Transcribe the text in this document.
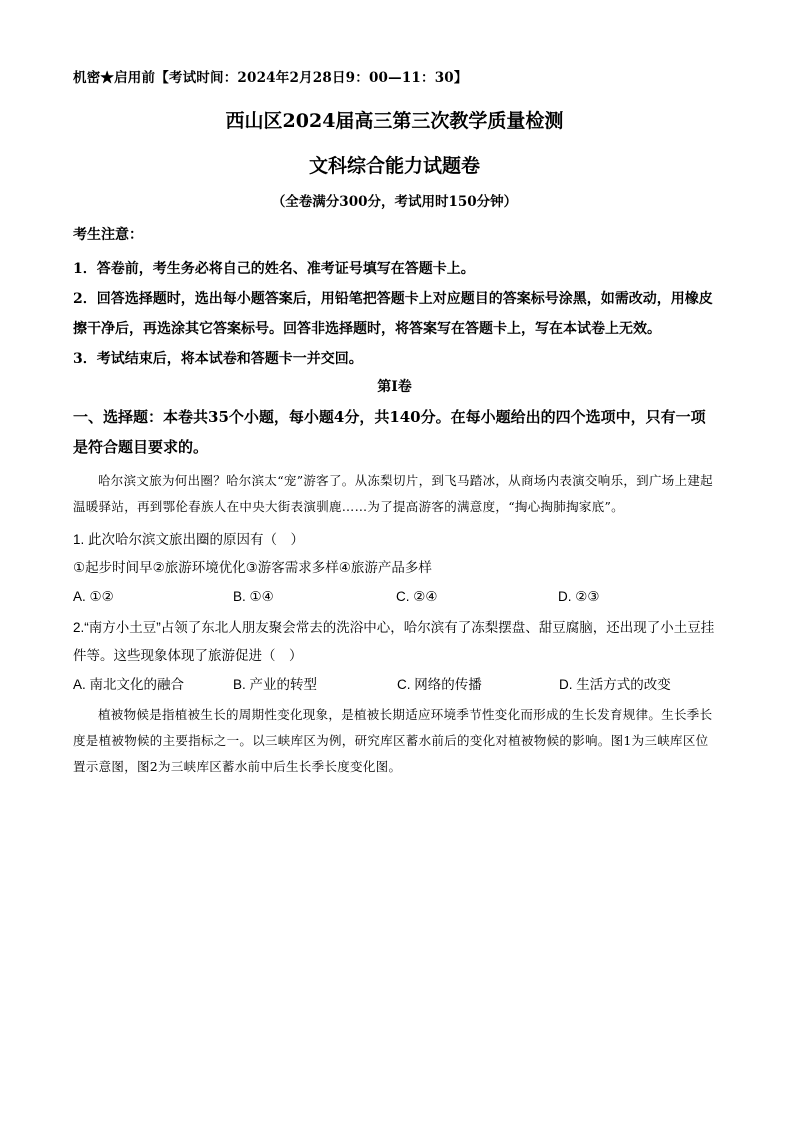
机密★启用前【考试时间：2024年2月28日9：00—11：30】

西山区2024届高三第三次教学质量检测

文科综合能力试题卷

（全卷满分300分，考试用时150分钟）

考生注意：

1．答卷前，考生务必将自己的姓名、准考证号填写在答题卡上。

2．回答选择题时，选出每小题答案后，用铅笔把答题卡上对应题目的答案标号涂黑，如需改动，用橡皮擦干净后，再选涂其它答案标号。回答非选择题时，将答案写在答题卡上，写在本试卷上无效。

3．考试结束后，将本试卷和答题卡一并交回。

第Ⅰ卷

一、选择题：本卷共35个小题，每小题4分，共140分。在每小题给出的四个选项中，只有一项是符合题目要求的。

哈尔滨文旅为何出圈？哈尔滨太“宠”游客了。从冻梨切片，到飞马踏冰，从商场内表演交响乐，到广场上建起温暖驿站，再到鄂伦春族人在中央大街表演驯鹿……为了提高游客的满意度，“掏心掏肺掏家底”。

1. 此次哈尔滨文旅出圈的原因有（　）

①起步时间早②旅游环境优化③游客需求多样④旅游产品多样

A. ①②	B. ①④	C. ②④	D. ②③

2.“南方小土豆”占领了东北人朋友聚会常去的洗浴中心，哈尔滨有了冻梨摆盘、甜豆腐脑，还出现了小土豆挂件等。这些现象体现了旅游促进（　）

A. 南北文化的融合	B. 产业的转型	C. 网络的传播	D. 生活方式的改变

植被物候是指植被生长的周期性变化现象，是植被长期适应环境季节性变化而形成的生长发育规律。生长季长度是植被物候的主要指标之一。以三峡库区为例，研究库区蓄水前后的变化对植被物候的影响。图1为三峡库区位置示意图，图2为三峡库区蓄水前中后生长季长度变化图。
